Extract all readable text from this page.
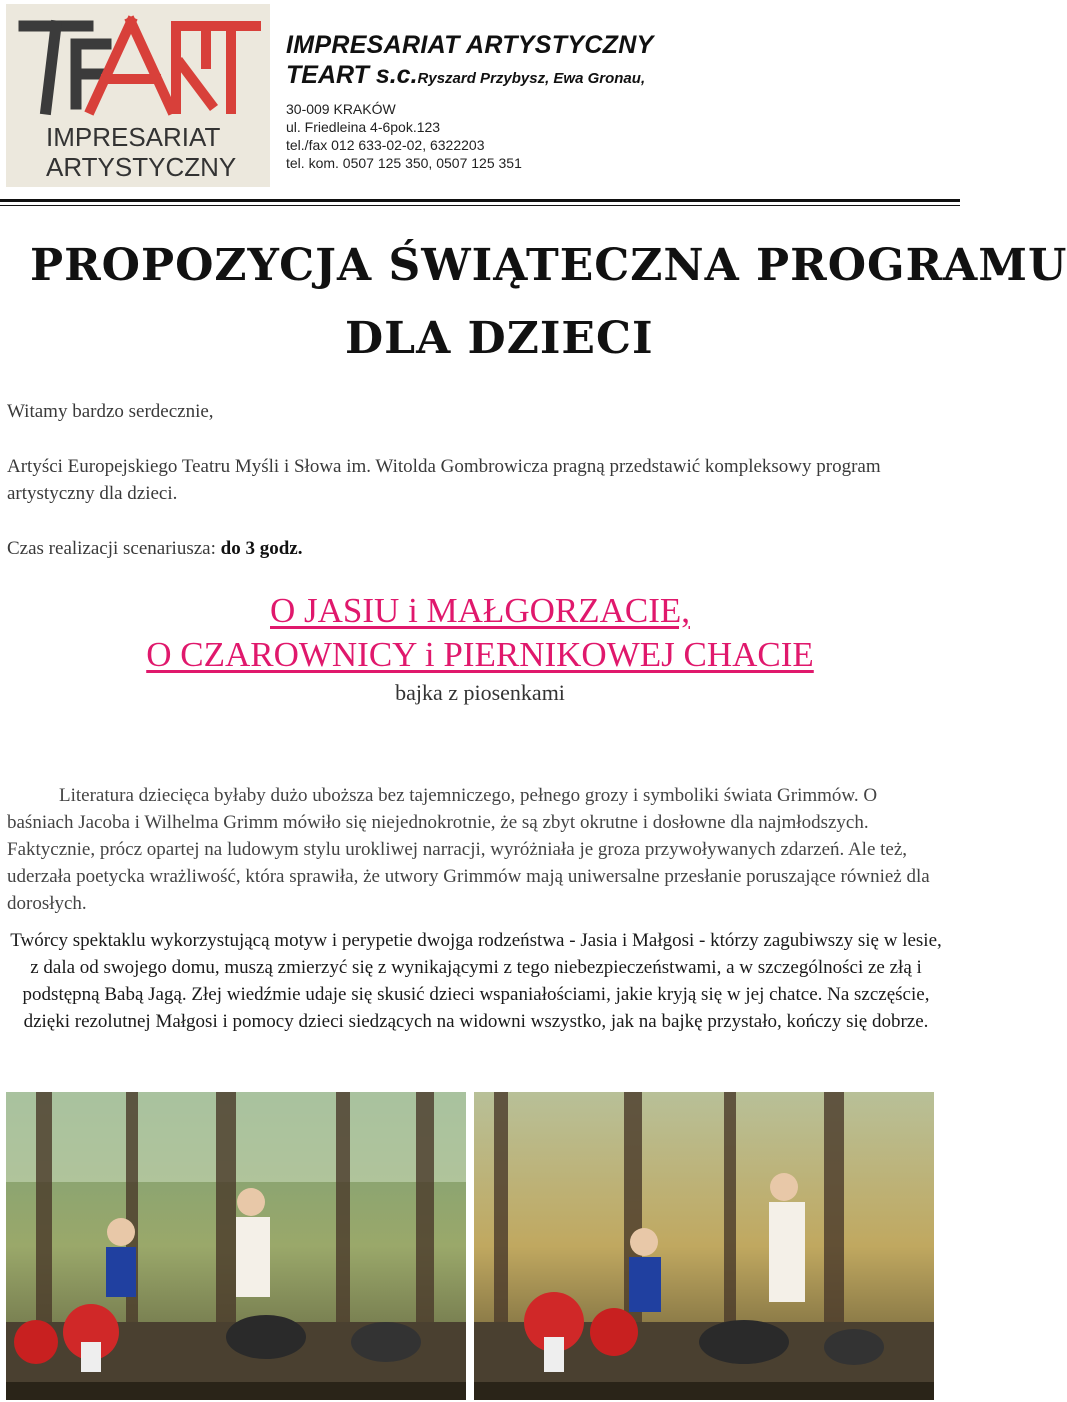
IMPRESARIAT
ARTYSTYCZNY
IMPRESARIAT ARTYSTYCZNY
TEART s.c.Ryszard Przybysz, Ewa Gronau,
30-009 KRAKÓW
ul. Friedleina 4-6pok.123
tel./fax 012 633-02-02, 6322203
tel. kom. 0507 125 350, 0507 125 351
PROPOZYCJA ŚWIĄTECZNA PROGRAMU
DLA DZIECI
Witamy bardzo serdecznie,
Artyści Europejskiego Teatru Myśli i Słowa im. Witolda Gombrowicza pragną przedstawić kompleksowy program artystyczny dla dzieci.
Czas realizacji scenariusza: do 3 godz.
O JASIU i MAŁGORZACIE,
O CZAROWNICY i PIERNIKOWEJ CHACIE
bajka z piosenkami
Literatura dziecięca byłaby dużo uboższa bez tajemniczego, pełnego grozy i symboliki świata Grimmów. O baśniach Jacoba i Wilhelma Grimm mówiło się niejednokrotnie, że są zbyt okrutne i dosłowne dla najmłodszych. Faktycznie, prócz opartej na ludowym stylu urokliwej narracji, wyróżniała je groza przywoływanych zdarzeń. Ale też, uderzała poetycka wrażliwość, która sprawiła, że utwory Grimmów mają uniwersalne przesłanie poruszające również dla dorosłych.
Twórcy spektaklu wykorzystującą motyw i perypetie dwojga rodzeństwa - Jasia i Małgosi - którzy zagubiwszy się w lesie, z dala od swojego domu, muszą zmierzyć się z wynikającymi z tego niebezpieczeństwami, a w szczególności ze złą i podstępną Babą Jagą. Złej wiedźmie udaje się skusić dzieci wspaniałościami, jakie kryją się w jej chatce. Na szczęście, dzięki rezolutnej Małgosi i pomocy dzieci siedzących na widowni wszystko, jak na bajkę przystało, kończy się dobrze.
